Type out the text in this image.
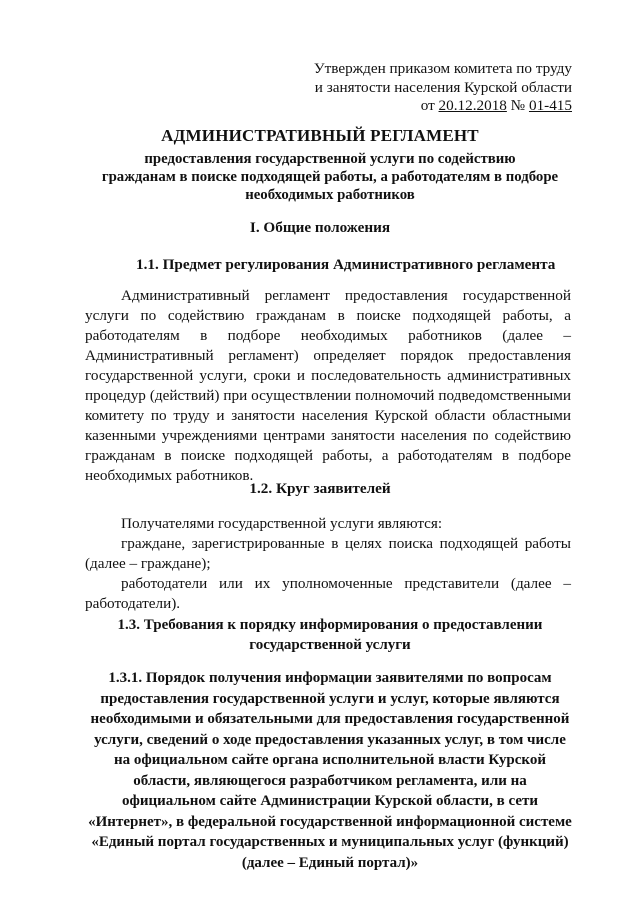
Утвержден приказом комитета по труду
и занятости населения Курской области
от 20.12.2018 № 01-415
АДМИНИСТРАТИВНЫЙ РЕГЛАМЕНТ
предоставления государственной услуги по содействию
гражданам в поиске подходящей работы, а работодателям в подборе
необходимых работников
I. Общие положения
1.1. Предмет регулирования Административного регламента
Административный регламент предоставления государственной
услуги по содействию гражданам в поиске подходящей работы, а
работодателям в подборе необходимых работников (далее –
Административный регламент) определяет порядок предоставления
государственной услуги, сроки и последовательность административных
процедур (действий) при осуществлении полномочий подведомственными
комитету по труду и занятости населения Курской области областными
казенными учреждениями центрами занятости населения по содействию
гражданам в поиске подходящей работы, а работодателям в подборе
необходимых работников.
1.2. Круг заявителей
Получателями государственной услуги являются:
граждане, зарегистрированные в целях поиска подходящей работы
(далее – граждане);
работодатели или их уполномоченные представители (далее –
работодатели).
1.3. Требования к порядку информирования о предоставлении
государственной услуги
1.3.1. Порядок получения информации заявителями по вопросам
предоставления государственной услуги и услуг, которые являются
необходимыми и обязательными для предоставления государственной
услуги, сведений о ходе предоставления указанных услуг, в том числе
на официальном сайте органа исполнительной власти Курской
области, являющегося разработчиком регламента, или на
официальном сайте Администрации Курской области, в сети
«Интернет», в федеральной государственной информационной системе
«Единый портал государственных и муниципальных услуг (функций)
(далее – Единый портал)»
